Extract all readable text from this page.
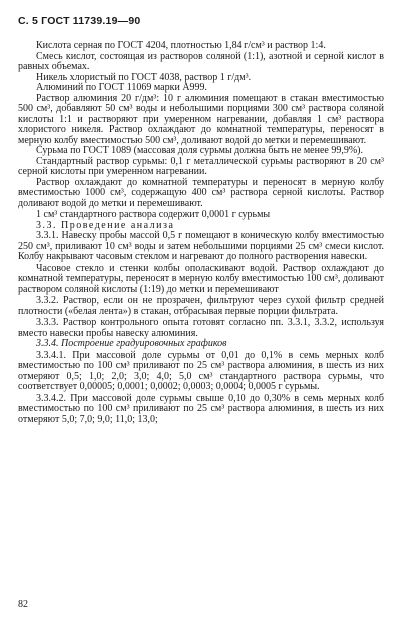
С. 5 ГОСТ 11739.19—90

Кислота серная по ГОСТ 4204, плотностью 1,84 г/см³ и раствор 1:4.

Смесь кислот, состоящая из растворов соляной (1:1), азотной и серной кислот в равных объемах.

Никель хлористый по ГОСТ 4038, раствор 1 г/дм³.

Алюминий по ГОСТ 11069 марки А999.

Раствор алюминия 20 г/дм³: 10 г алюминия помещают в стакан вместимостью 500 см³, добавляют 50 см³ воды и небольшими порциями 300 см³ раствора соляной кислоты 1:1 и растворяют при умеренном нагревании, добавляя 1 см³ раствора хлористого никеля. Раствор охлаждают до комнатной температуры, переносят в мерную колбу вместимостью 500 см³, доливают водой до метки и перемешивают.

Сурьма по ГОСТ 1089 (массовая доля сурьмы должна быть не менее 99,9%).

Стандартный раствор сурьмы: 0,1 г металлической сурьмы растворяют в 20 см³ серной кислоты при умеренном нагревании.

Раствор охлаждают до комнатной температуры и переносят в мерную колбу вместимостью 1000 см³, содержащую 400 см³ раствора серной кислоты. Раствор доливают водой до метки и перемешивают.

1 см³ стандартного раствора содержит 0,0001 г сурьмы

3.3. Проведение анализа

3.3.1. Навеску пробы массой 0,5 г помещают в коническую колбу вместимостью 250 см³, приливают 10 см³ воды и затем небольшими порциями 25 см³ смеси кислот. Колбу накрывают часовым стеклом и нагревают до полного растворения навески.

Часовое стекло и стенки колбы ополаскивают водой. Раствор охлаждают до комнатной температуры, переносят в мерную колбу вместимостью 100 см³, доливают раствором соляной кислоты (1:19) до метки и перемешивают

3.3.2. Раствор, если он не прозрачен, фильтруют через сухой фильтр средней плотности («белая лента») в стакан, отбрасывая первые порции фильтрата.

3.3.3. Раствор контрольного опыта готовят согласно пп. 3.3.1, 3.3.2, используя вместо навески пробы навеску алюминия.

3.3.4. Построение градуировочных графиков

3.3.4.1. При массовой доле сурьмы от 0,01 до 0,1% в семь мерных колб вместимостью по 100 см³ приливают по 25 см³ раствора алюминия, в шесть из них отмеряют 0,5; 1,0; 2,0; 3,0; 4,0; 5,0 см³ стандартного раствора сурьмы, что соответствует 0,00005; 0,0001; 0,0002; 0,0003; 0,0004; 0,0005 г сурьмы.

3.3.4.2. При массовой доле сурьмы свыше 0,10 до 0,30% в семь мерных колб вместимостью по 100 см³ приливают по 25 см³ раствора алюминия, в шесть из них отмеряют 5,0; 7,0; 9,0; 11,0; 13,0;

82
